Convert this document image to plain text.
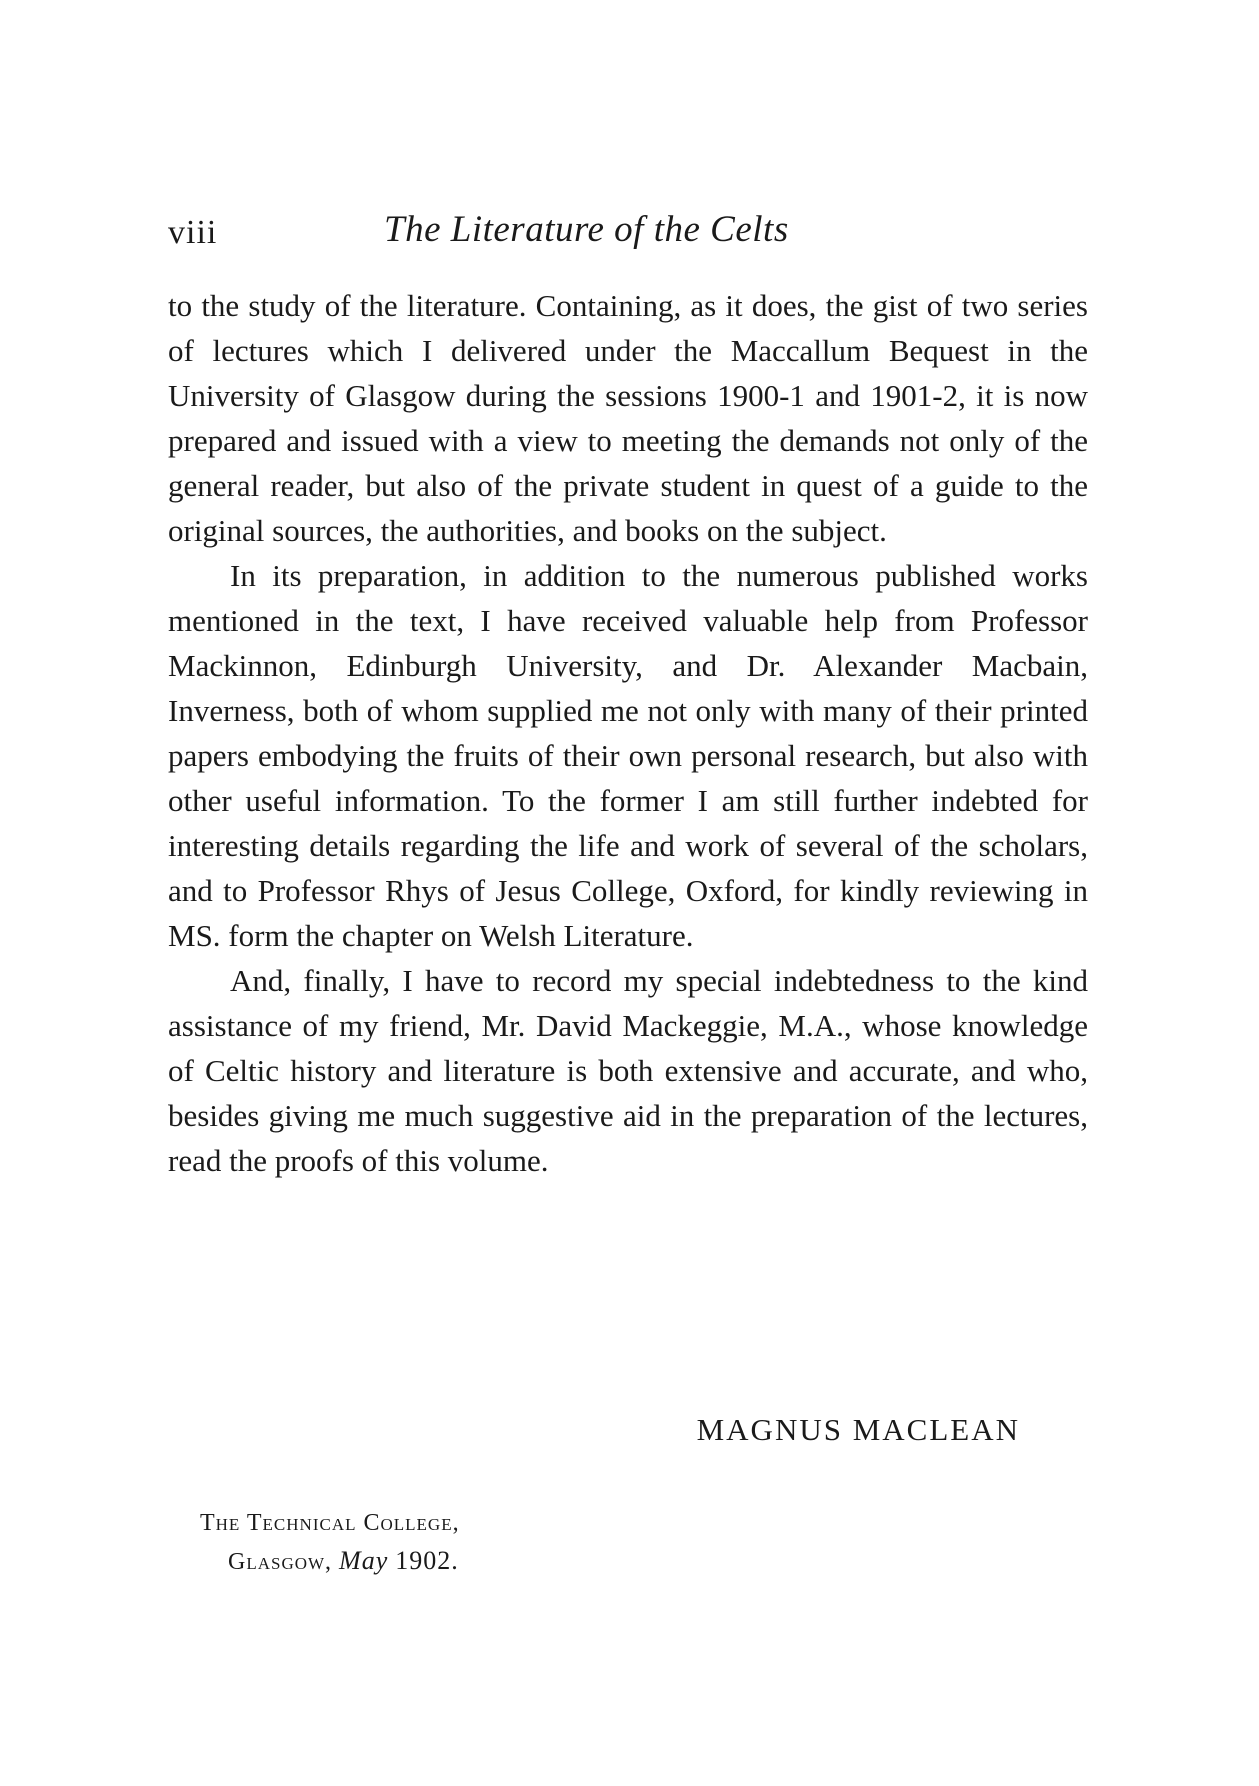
viii	The Literature of the Celts

to the study of the literature. Containing, as it does, the gist of two series of lectures which I delivered under the Maccallum Bequest in the University of Glasgow during the sessions 1900-1 and 1901-2, it is now prepared and issued with a view to meeting the demands not only of the general reader, but also of the private student in quest of a guide to the original sources, the authorities, and books on the subject.

In its preparation, in addition to the numerous published works mentioned in the text, I have received valuable help from Professor Mackinnon, Edinburgh University, and Dr. Alexander Macbain, Inverness, both of whom supplied me not only with many of their printed papers embodying the fruits of their own personal research, but also with other useful information. To the former I am still further indebted for interesting details regarding the life and work of several of the scholars, and to Professor Rhys of Jesus College, Oxford, for kindly reviewing in MS. form the chapter on Welsh Literature.

And, finally, I have to record my special indebtedness to the kind assistance of my friend, Mr. David Mackeggie, M.A., whose knowledge of Celtic history and literature is both extensive and accurate, and who, besides giving me much suggestive aid in the preparation of the lectures, read the proofs of this volume.

MAGNUS MACLEAN
The Technical College,
Glasgow, May 1902.
